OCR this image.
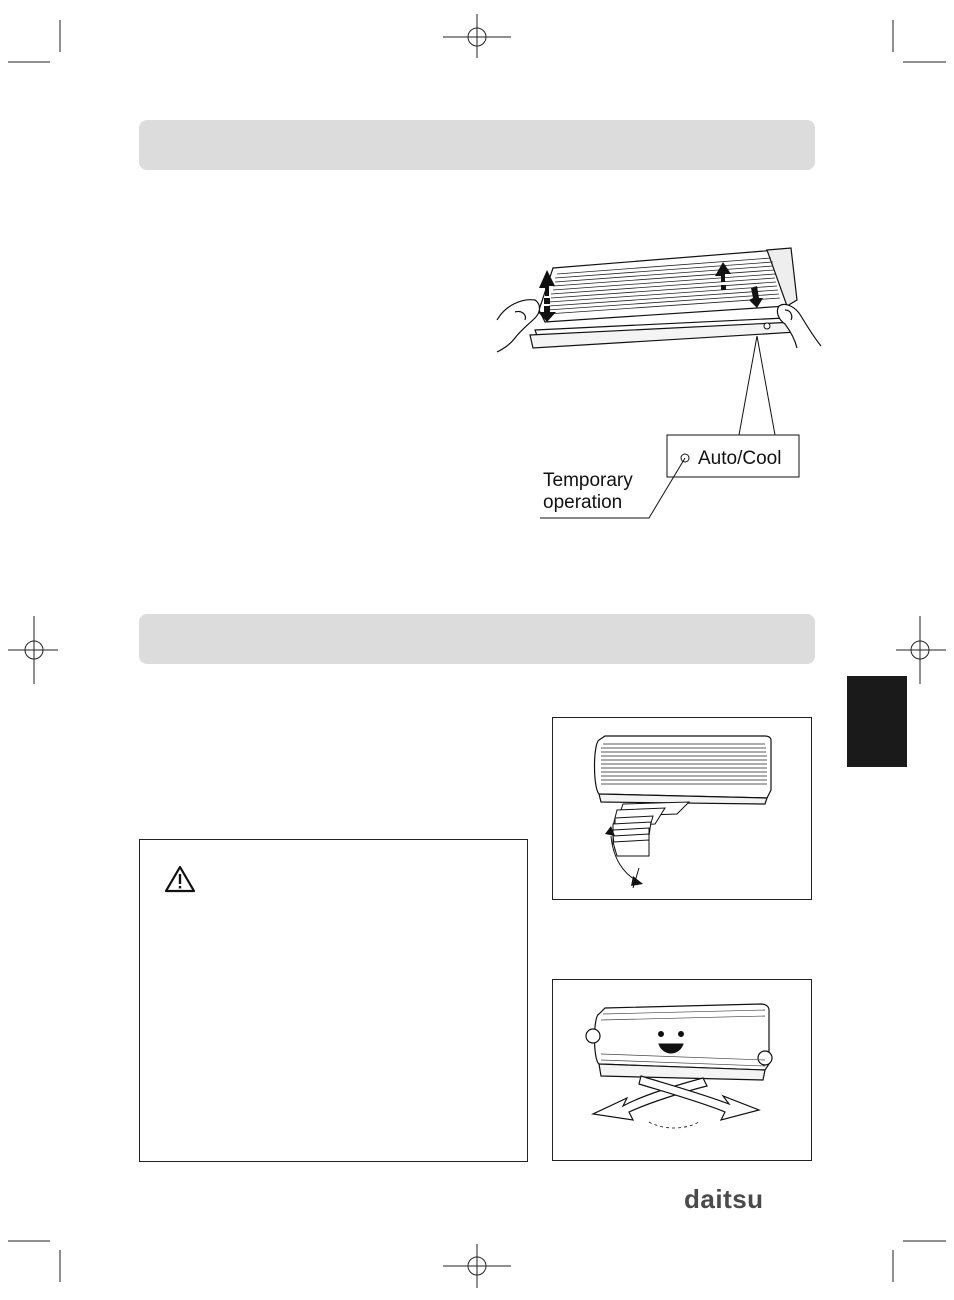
Auto/Cool
Temporary
operation
daitsu
